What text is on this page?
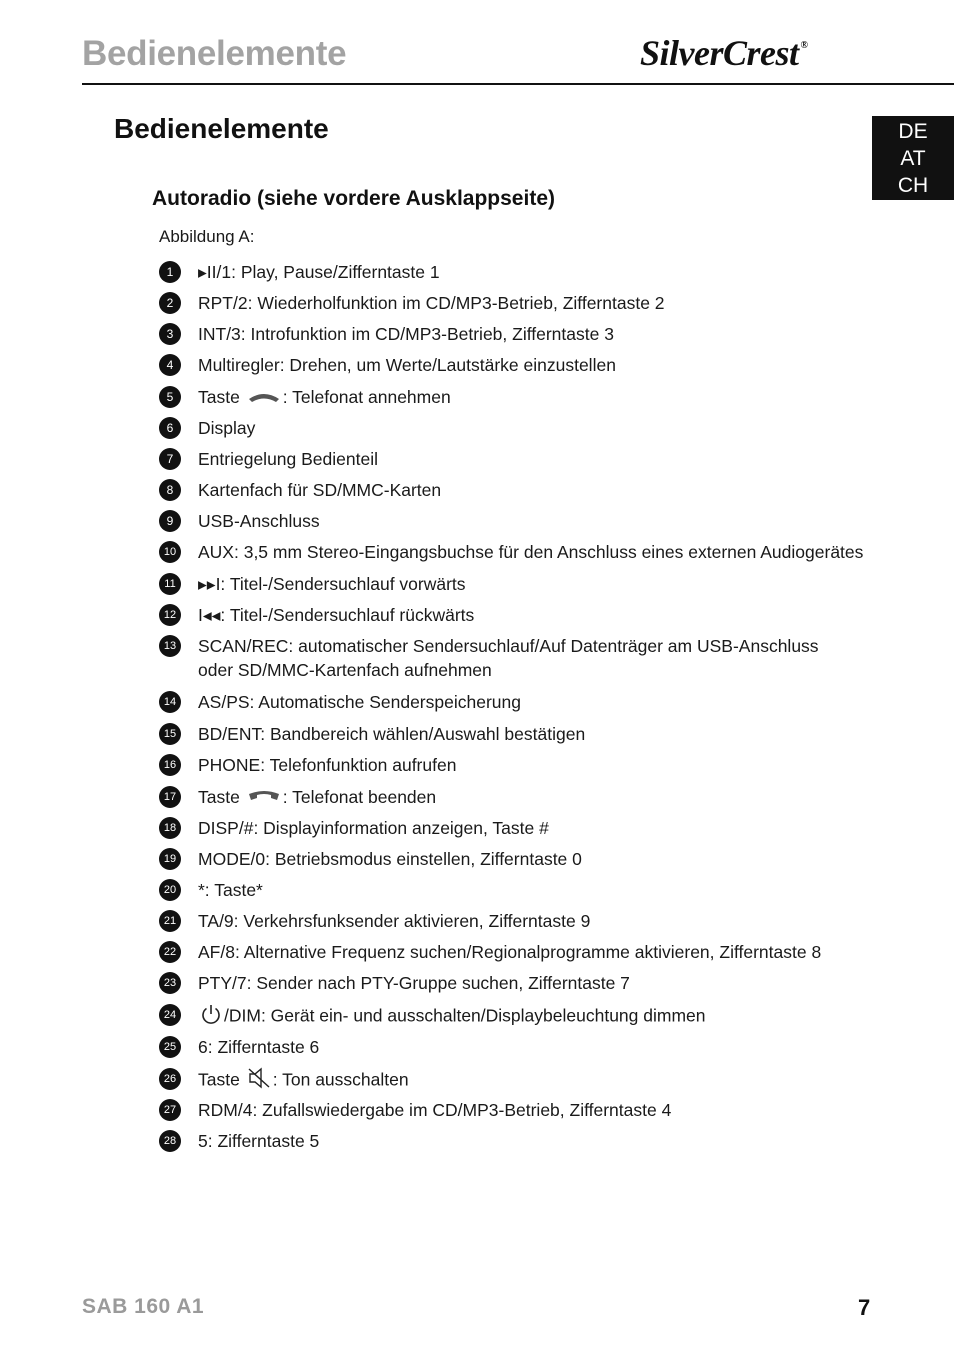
Bedienelemente	SilverCrest ®
DE
AT
CH
Bedienelemente
Autoradio (siehe vordere Ausklappseite)
Abbildung A:
1	▸II/1: Play, Pause/Zifferntaste 1
2	RPT/2: Wiederholfunktion im CD/MP3-Betrieb, Zifferntaste 2
3	INT/3: Introfunktion im CD/MP3-Betrieb, Zifferntaste 3
4	Multiregler: Drehen, um Werte/Lautstärke einzustellen
5	Taste : Telefonat annehmen
6	Display
7	Entriegelung Bedienteil
8	Kartenfach für SD/MMC-Karten
9	USB-Anschluss
10 AUX: 3,5 mm Stereo-Eingangsbuchse für den Anschluss eines externen Audiogerätes
11	▸▸I: Titel-/Sendersuchlauf vorwärts
12 I◂◂: Titel-/Sendersuchlauf rückwärts
13 SCAN/REC: automatischer Sendersuchlauf/Auf Datenträger am USB-Anschluss
oder SD/MMC-Kartenfach aufnehmen
14 AS/PS: Automatische Senderspeicherung
15 BD/ENT: Bandbereich wählen/Auswahl bestätigen
16 PHONE: Telefonfunktion aufrufen
17 Taste : Telefonat beenden
18 DISP/#: Displayinformation anzeigen, Taste #
19 MODE/0: Betriebsmodus einstellen, Zifferntaste 0
20 *: Taste*
21 TA/9: Verkehrsfunksender aktivieren, Zifferntaste 9
22 AF/8: Alternative Frequenz suchen/Regionalprogramme aktivieren, Zifferntaste 8
23 PTY/7: Sender nach PTY-Gruppe suchen, Zifferntaste 7
24	/DIM: Gerät ein- und ausschalten/Displaybeleuchtung dimmen
25 6: Zifferntaste 6
26 Taste : Ton ausschalten
27 RDM/4: Zufallswiedergabe im CD/MP3-Betrieb, Zifferntaste 4
28 5: Zifferntaste 5
SAB 160 A1	7
